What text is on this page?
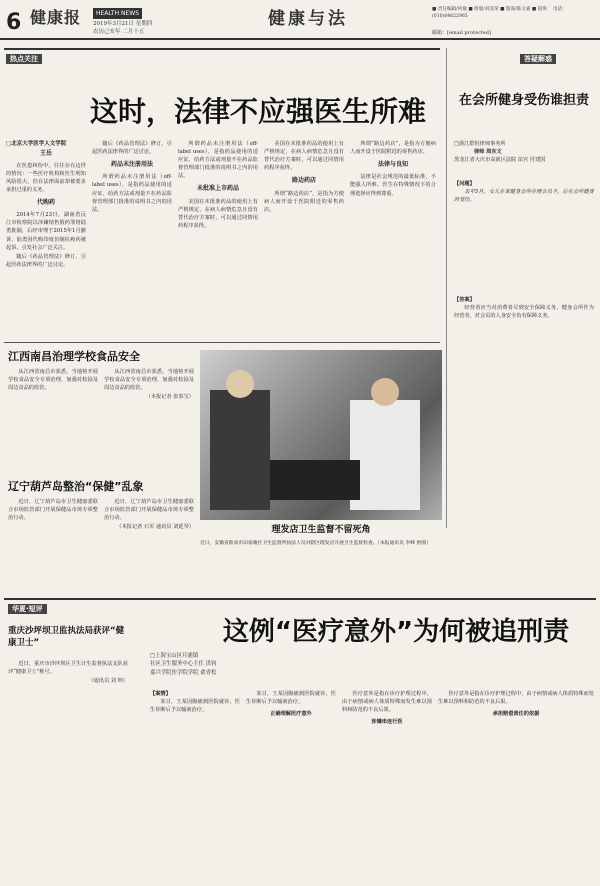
6 健康报	HEALTH NEWS
2019年3月21日 星期四
农历己亥年 二月十五
健康与法	■ 责任编辑/何敏 ■ 组版/刘美荣 ■ 版面/陈文嘉 ■ 值班： 电话：(010)64622965
邮箱：[email protected]
热点关注
这时，法律不应强医生所难
□北京大学医学人文学院
王岳

在医患纠纷中，往往存在这样的情况：一些医疗机构和医生明知风险很大，但在法律面前却被要求承担过重的义务。

代购药

2014年7月23日，湖南省沅江市检察院以涉嫌销售假药罪将陆勇批捕，后经审理于2015年1月撤诉。陆勇因代购印度仿制抗癌药被起诉，引发社会广泛关注。

随后《药品管理法》修订，引起医药法律界的广泛讨论。

随后《药品管理法》修订，引起医药法律界的广泛讨论。

药品未注册用法

所谓药品未注册用法（off-label uses），是指药品使用的适应证、给药方法或剂量不在药品监督管理部门批准的说明书之内的用法。

所谓药品未注册用法（off-label uses），是指药品使用的适应证、给药方法或剂量不在药品监督管理部门批准的说明书之内的用法。

未批准上市药品

美国在未批准药品的使用上有严格规定，在病人病情危急且没有替代治疗方案时，可以通过同情用药程序获得。

美国在未批准药品的使用上有严格规定，在病人病情危急且没有替代治疗方案时，可以通过同情用药程序获得。

路边药店

所谓“路边药店”，是指为方便病人而开设于医院附近的零售药店。

所谓“路边药店”，是指为方便病人而开设于医院附近的零售药店。

法律与良知

法律是社会规范的最低标准，不能强人所难。医生在特殊情况下的合理选择应得到尊重。

答疑解惑
在会所健身受伤谁担责
□浙江群恒律师事务所
律师 周东文
黑龙江省大庆市高新区法院 法官 付建国
【问题】

去年5月，女儿在某健身会所办理会员卡，后在会所健身时受伤。

【答案】

经营者应当对消费者尽到安全保障义务。健身会所作为经营者，对会员的人身安全负有保障义务。

江西南昌治理学校食品安全

从江西省南昌市获悉，当地将开展学校食品安全专项治理，加强对校园及周边食品的监管。

从江西省南昌市获悉，当地将开展学校食品安全专项治理，加强对校园及周边食品的监管。

（本报记者 张春宝）
辽宁葫芦岛整治“保健”乱象

近日，辽宁葫芦岛市卫生健康委联合市场监管部门开展保健品市场专项整治行动。

近日，辽宁葫芦岛市卫生健康委联合市场监管部门开展保健品市场专项整治行动。

（本报记者 石军 通讯员 刘延琴）	理发店卫生监督不留死角
近日，安徽省淮南市田家庵区卫生监督所执法人员对辖区理发店开展卫生监督检查。（本报通讯员 李峰 供图）
华夏·短评
这例“医疗意外”为何被追刑责
重庆沙坪坝卫监执法局获评“健康卫士”

近日，重庆市沙坪坝区卫生计生监督执法支队获评“健康卫士”称号。

（通讯员 刘 坤）
□上海宝山区月浦镇
社区卫生服务中心主任 洪钧
嘉兴学院医学院学院 俞青松
【案情】

某日，王某因腹痛到医院就诊，医生诊断后予以输液治疗。

某日，王某因腹痛到医院就诊，医生诊断后予以输液治疗。

正确理解医疗意外

医疗意外是指在诊疗护理过程中，由于病情或病人体质特殊而发生难以预料和防范的不良后果。

涉嫌串连行医

医疗意外是指在诊疗护理过程中，由于病情或病人体质特殊而发生难以预料和防范的不良后果。

承担赔偿责任的依据
